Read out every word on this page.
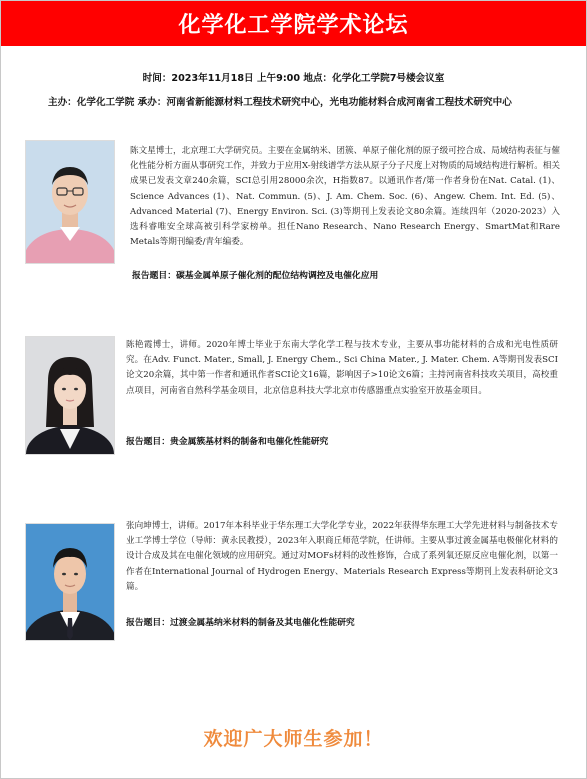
化学化工学院学术论坛
时间：2023年11月18日 上午9:00 地点：化学化工学院7号楼会议室
主办：化学化工学院 承办：河南省新能源材料工程技术研究中心，光电功能材料合成河南省工程技术研究中心
陈文星博士，北京理工大学研究员。主要在金属纳米、团簇、单原子催化剂的原子级可控合成、局域结构表征与催化性能分析方面从事研究工作，并致力于应用X-射线谱学方法从原子分子尺度上对物质的局域结构进行解析。相关成果已发表文章240余篇，SCI总引用28000余次，H指数87。以通讯作者/第一作者身份在Nat. Catal. (1)、Science Advances (1)、Nat. Commun. (5)、J. Am. Chem. Soc. (6)、Angew. Chem. Int. Ed. (5)、Advanced Material (7)、Energy Environ. Sci. (3)等期刊上发表论文80余篇。连续四年（2020-2023）入选科睿唯安全球高被引科学家榜单。担任Nano Research、Nano Research Energy、SmartMat和Rare Metals等期刊编委/青年编委。
报告题目：碳基金属单原子催化剂的配位结构调控及电催化应用
陈艳霞博士，讲师。2020年博士毕业于东南大学化学工程与技术专业，主要从事功能材料的合成和光电性质研究。在Adv. Funct. Mater., Small, J. Energy Chem., Sci China Mater., J. Mater. Chem. A等期刊发表SCI论文20余篇，其中第一作者和通讯作者SCI论文16篇，影响因子>10论文6篇；主持河南省科技攻关项目，高校重点项目，河南省自然科学基金项目，北京信息科技大学北京市传感器重点实验室开放基金项目。
报告题目：贵金属簇基材料的制备和电催化性能研究
张向坤博士，讲师。2017年本科毕业于华东理工大学化学专业，2022年获得华东理工大学先进材料与制备技术专业工学博士学位（导师：黄永民教授），2023年入职商丘师范学院，任讲师。主要从事过渡金属基电极催化材料的设计合成及其在电催化领域的应用研究。通过对MOFs材料的改性修饰，合成了系列氧还原反应电催化剂，以第一作者在International Journal of Hydrogen Energy、Materials Research Express等期刊上发表科研论文3篇。
报告题目：过渡金属基纳米材料的制备及其电催化性能研究
欢迎广大师生参加！
